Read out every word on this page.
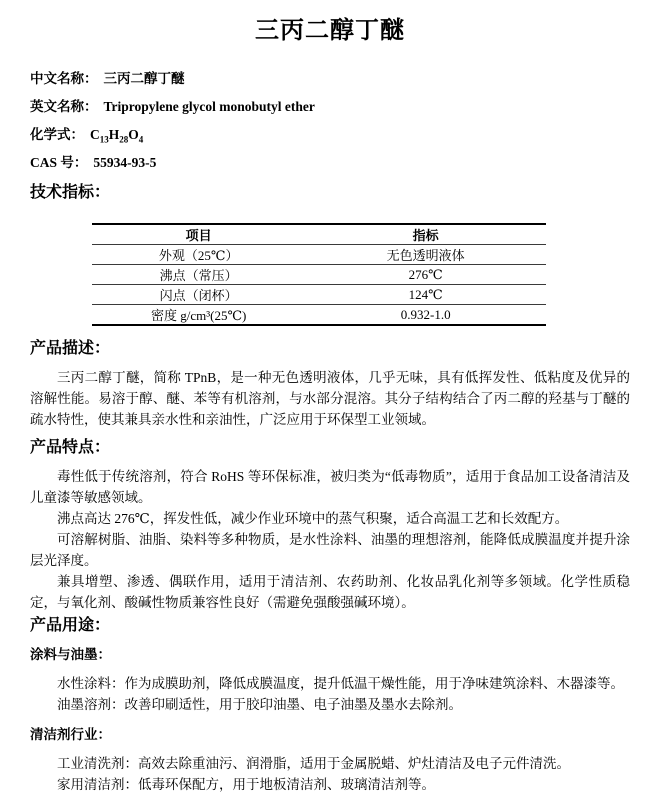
三丙二醇丁醚

中文名称： 三丙二醇丁醚

英文名称： Tripropylene glycol monobutyl ether

化学式： $C_{13}H_{28}O_4$

CAS 号： 55934-93-5

技术指标：
项目	指标
外观（25℃）	无色透明液体
沸点（常压）	276℃
闪点（闭杯）	124℃
密度 g/cm³(25℃)	0.932-1.0
产品描述：

三丙二醇丁醚，简称 TPnB，是一种无色透明液体，几乎无味，具有低挥发性、低粘度及优异的溶解性能。易溶于醇、醚、苯等有机溶剂，与水部分混溶。其分子结构结合了丙二醇的羟基与丁醚的疏水特性，使其兼具亲水性和亲油性，广泛应用于环保型工业领域。

产品特点：

毒性低于传统溶剂，符合 RoHS 等环保标准，被归类为“低毒物质”，适用于食品加工设备清洁及儿童漆等敏感领域。

沸点高达 276℃，挥发性低，减少作业环境中的蒸气积聚，适合高温工艺和长效配方。

可溶解树脂、油脂、染料等多种物质，是水性涂料、油墨的理想溶剂，能降低成膜温度并提升涂层光泽度。

兼具增塑、渗透、偶联作用，适用于清洁剂、农药助剂、化妆品乳化剂等多领域。化学性质稳定，与氧化剂、酸碱性物质兼容性良好（需避免强酸强碱环境）。

产品用途：
涂料与油墨：

水性涂料：作为成膜助剂，降低成膜温度，提升低温干燥性能，用于净味建筑涂料、木器漆等。

油墨溶剂：改善印刷适性，用于胶印油墨、电子油墨及墨水去除剂。

清洁剂行业：

工业清洗剂：高效去除重油污、润滑脂，适用于金属脱蜡、炉灶清洁及电子元件清洗。

家用清洁剂：低毒环保配方，用于地板清洁剂、玻璃清洁剂等。
